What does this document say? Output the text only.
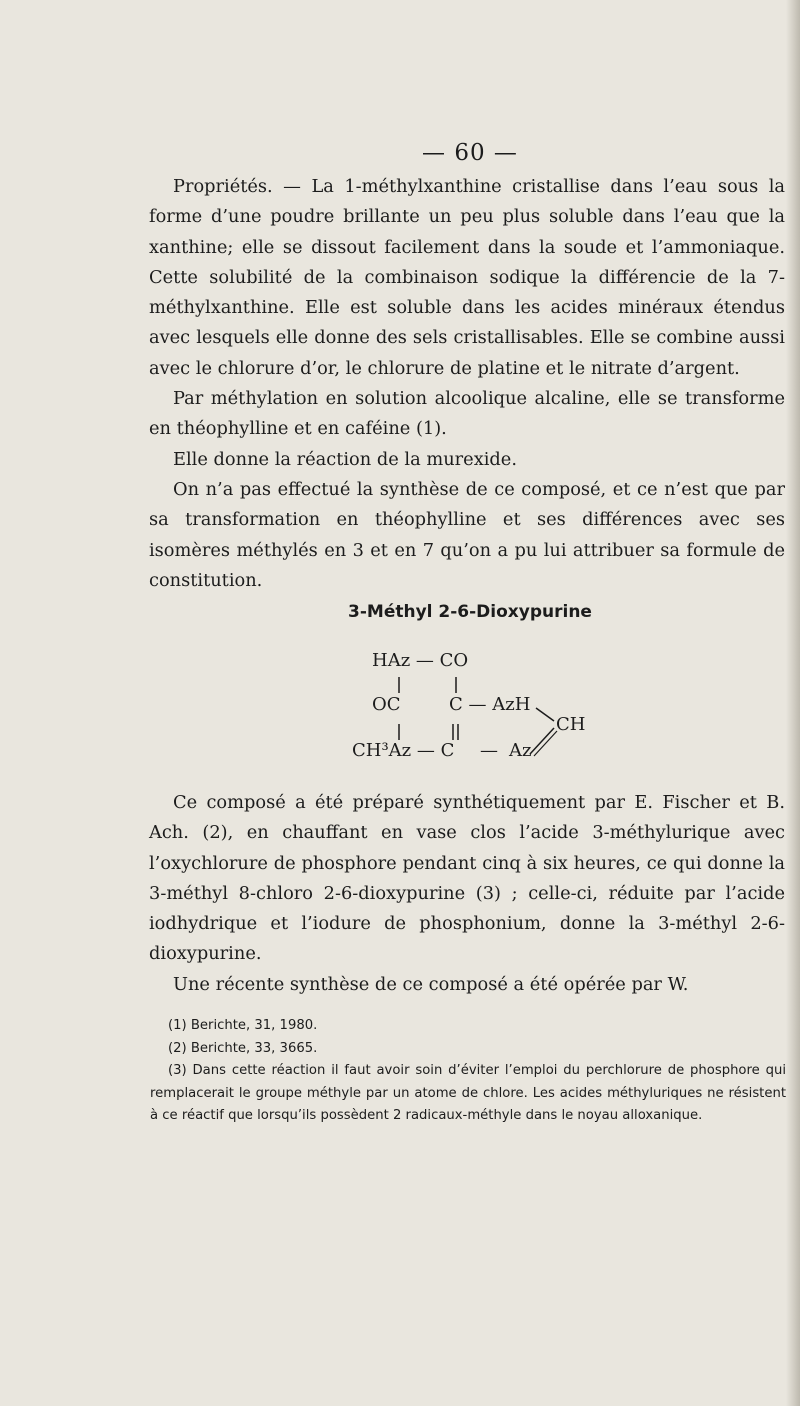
— 60 —

Propriétés. — La 1-méthylxanthine cristallise dans l’eau sous la forme d’une poudre brillante un peu plus soluble dans l’eau que la xanthine; elle se dissout facilement dans la soude et l’ammoniaque. Cette solubilité de la combinaison sodique la différencie de la 7-méthylxanthine. Elle est soluble dans les acides minéraux étendus avec lesquels elle donne des sels cristallisables. Elle se combine aussi avec le chlorure d’or, le chlorure de platine et le nitrate d’argent.

Par méthylation en solution alcoolique alcaline, elle se transforme en théophylline et en caféine (1).

Elle donne la réaction de la murexide.

On n’a pas effectué la synthèse de ce composé, et ce n’est que par sa transformation en théophylline et ses différences avec ses isomères méthylés en 3 et en 7 qu’on a pu lui attribuer sa formule de constitution.

3-Méthyl 2-6-Dioxypurine
HAz — CO
OC	C — AzH
CH
CH³Az — C — Az

Ce composé a été préparé synthétiquement par E. Fischer et B. Ach. (2), en chauffant en vase clos l’acide 3-méthylurique avec l’oxychlorure de phosphore pendant cinq à six heures, ce qui donne la 3-méthyl 8-chloro 2-6-dioxypurine (3) ; celle-ci, réduite par l’acide iodhydrique et l’iodure de phosphonium, donne la 3-méthyl 2-6-dioxypurine.

Une récente synthèse de ce composé a été opérée par W.

(1) Berichte, 31, 1980.

(2) Berichte, 33, 3665.

(3) Dans cette réaction il faut avoir soin d’éviter l’emploi du perchlorure de phosphore qui remplacerait le groupe méthyle par un atome de chlore. Les acides méthyluriques ne résistent à ce réactif que lorsqu’ils possèdent 2 radicaux-méthyle dans le noyau alloxanique.
